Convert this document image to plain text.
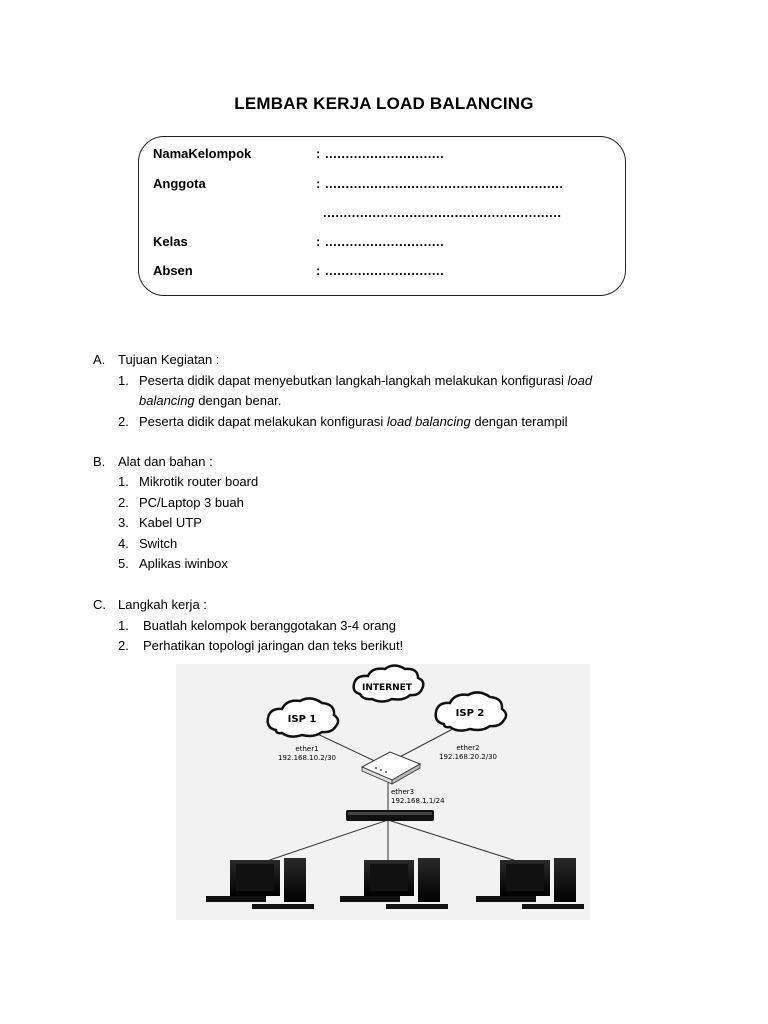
LEMBAR KERJA LOAD BALANCING
NamaKelompok	: .............................
Anggota	: ..........................................................
..........................................................
Kelas	: .............................
Absen	: .............................
A. Tujuan Kegiatan :
1. Peserta didik dapat menyebutkan langkah-langkah melakukan konfigurasi load
balancing dengan benar.
2. Peserta didik dapat melakukan konfigurasi load balancing dengan terampil
B. Alat dan bahan :
1. Mikrotik router board
2. PC/Laptop 3 buah
3. Kabel UTP
4. Switch
5. Aplikas iwinbox
C. Langkah kerja :
1. Buatlah kelompok beranggotakan 3-4 orang
2. Perhatikan topologi jaringan dan teks berikut!
INTERNET
ISP 1
ISP 2
ether1
192.168.10.2/30
ether2
192.168.20.2/30
ether3
192.168.1.1/24
